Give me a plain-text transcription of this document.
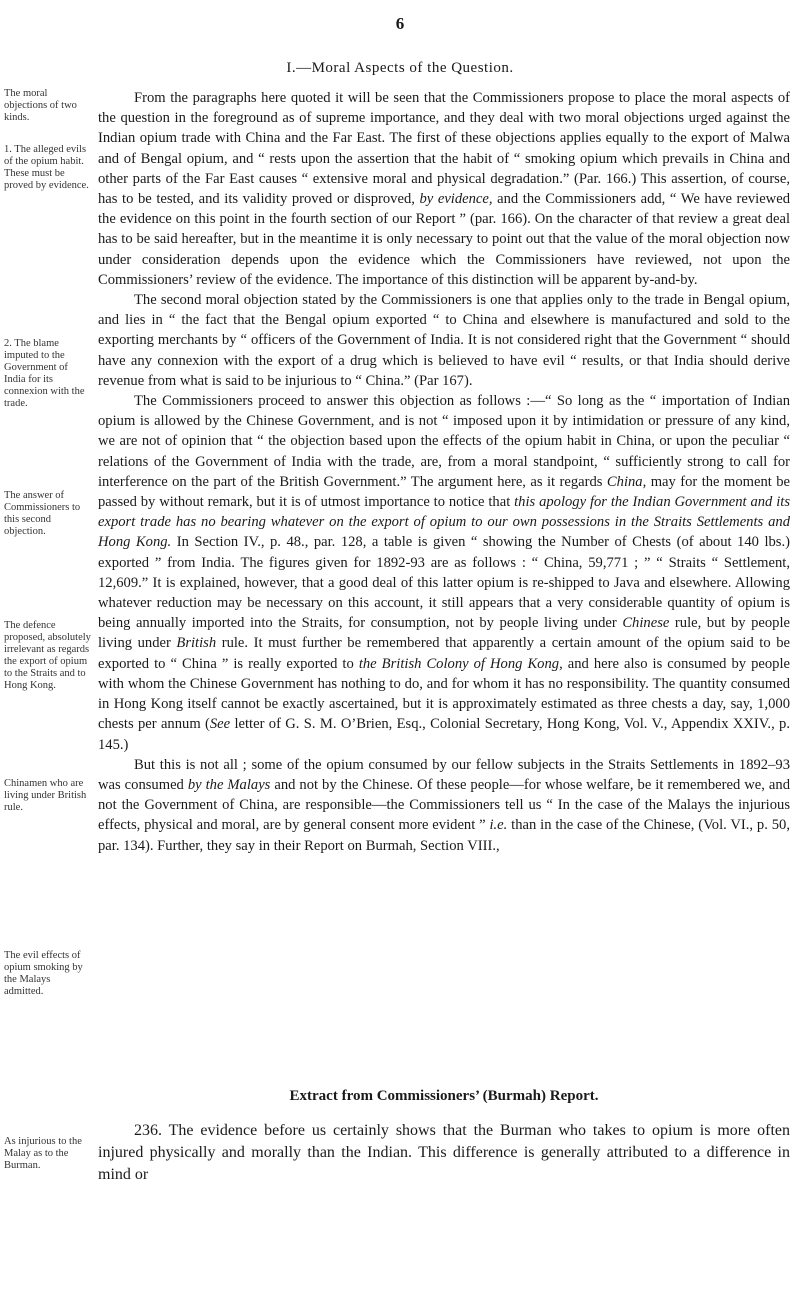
6
I.—Moral Aspects of the Question.
The moral objections of two kinds.
1. The alleged evils of the opium habit. These must be proved by evidence.
2. The blame imputed to the Government of India for its connexion with the trade.
The answer of Commissioners to this second objection.
The defence proposed, absolutely irrelevant as regards the export of opium to the Straits and to Hong Kong.
Chinamen who are living under British rule.
The evil effects of opium smoking by the Malays admitted.
As injurious to the Malay as to the Burman.

From the paragraphs here quoted it will be seen that the Commissioners propose to place the moral aspects of the question in the foreground as of supreme importance, and they deal with two moral objections urged against the Indian opium trade with China and the Far East. The first of these objections applies equally to the export of Malwa and of Bengal opium, and “ rests upon the assertion that the habit of “ smoking opium which prevails in China and other parts of the Far East causes “ extensive moral and physical degradation.” (Par. 166.) This assertion, of course, has to be tested, and its validity proved or disproved, by evidence, and the Commissioners add, “ We have reviewed the evidence on this point in the fourth section of our Report ” (par. 166). On the character of that review a great deal has to be said hereafter, but in the meantime it is only necessary to point out that the value of the moral objection now under consideration depends upon the evidence which the Commissioners have reviewed, not upon the Commissioners’ review of the evidence. The importance of this distinction will be apparent by-and-by.

The second moral objection stated by the Commissioners is one that applies only to the trade in Bengal opium, and lies in “ the fact that the Bengal opium exported “ to China and elsewhere is manufactured and sold to the exporting merchants by “ officers of the Government of India. It is not considered right that the Government “ should have any connexion with the export of a drug which is believed to have evil “ results, or that India should derive revenue from what is said to be injurious to “ China.” (Par 167).

The Commissioners proceed to answer this objection as follows :—“ So long as the “ importation of Indian opium is allowed by the Chinese Government, and is not “ imposed upon it by intimidation or pressure of any kind, we are not of opinion that “ the objection based upon the effects of the opium habit in China, or upon the peculiar “ relations of the Government of India with the trade, are, from a moral standpoint, “ sufficiently strong to call for interference on the part of the British Government.” The argument here, as it regards China, may for the moment be passed by without remark, but it is of utmost importance to notice that this apology for the Indian Government and its export trade has no bearing whatever on the export of opium to our own possessions in the Straits Settlements and Hong Kong. In Section IV., p. 48., par. 128, a table is given “ showing the Number of Chests (of about 140 lbs.) exported ” from India. The figures given for 1892-93 are as follows : “ China, 59,771 ; ” “ Straits “ Settlement, 12,609.” It is explained, however, that a good deal of this latter opium is re-shipped to Java and elsewhere. Allowing whatever reduction may be necessary on this account, it still appears that a very considerable quantity of opium is being annually imported into the Straits, for consumption, not by people living under Chinese rule, but by people living under British rule. It must further be remembered that apparently a certain amount of the opium said to be exported to “ China ” is really exported to the British Colony of Hong Kong, and here also is consumed by people with whom the Chinese Government has nothing to do, and for whom it has no responsibility. The quantity consumed in Hong Kong itself cannot be exactly ascertained, but it is approximately estimated as three chests a day, say, 1,000 chests per annum (See letter of G. S. M. O’Brien, Esq., Colonial Secretary, Hong Kong, Vol. V., Appendix XXIV., p. 145.)

But this is not all ; some of the opium consumed by our fellow subjects in the Straits Settlements in 1892–93 was consumed by the Malays and not by the Chinese. Of these people—for whose welfare, be it remembered we, and not the Government of China, are responsible—the Commissioners tell us “ In the case of the Malays the injurious effects, physical and moral, are by general consent more evident ” i.e. than in the case of the Chinese, (Vol. VI., p. 50, par. 134). Further, they say in their Report on Burmah, Section VIII.,

Extract from Commissioners’ (Burmah) Report.

236. The evidence before us certainly shows that the Burman who takes to opium is more often injured physically and morally than the Indian. This difference is generally attributed to a difference in mind or
